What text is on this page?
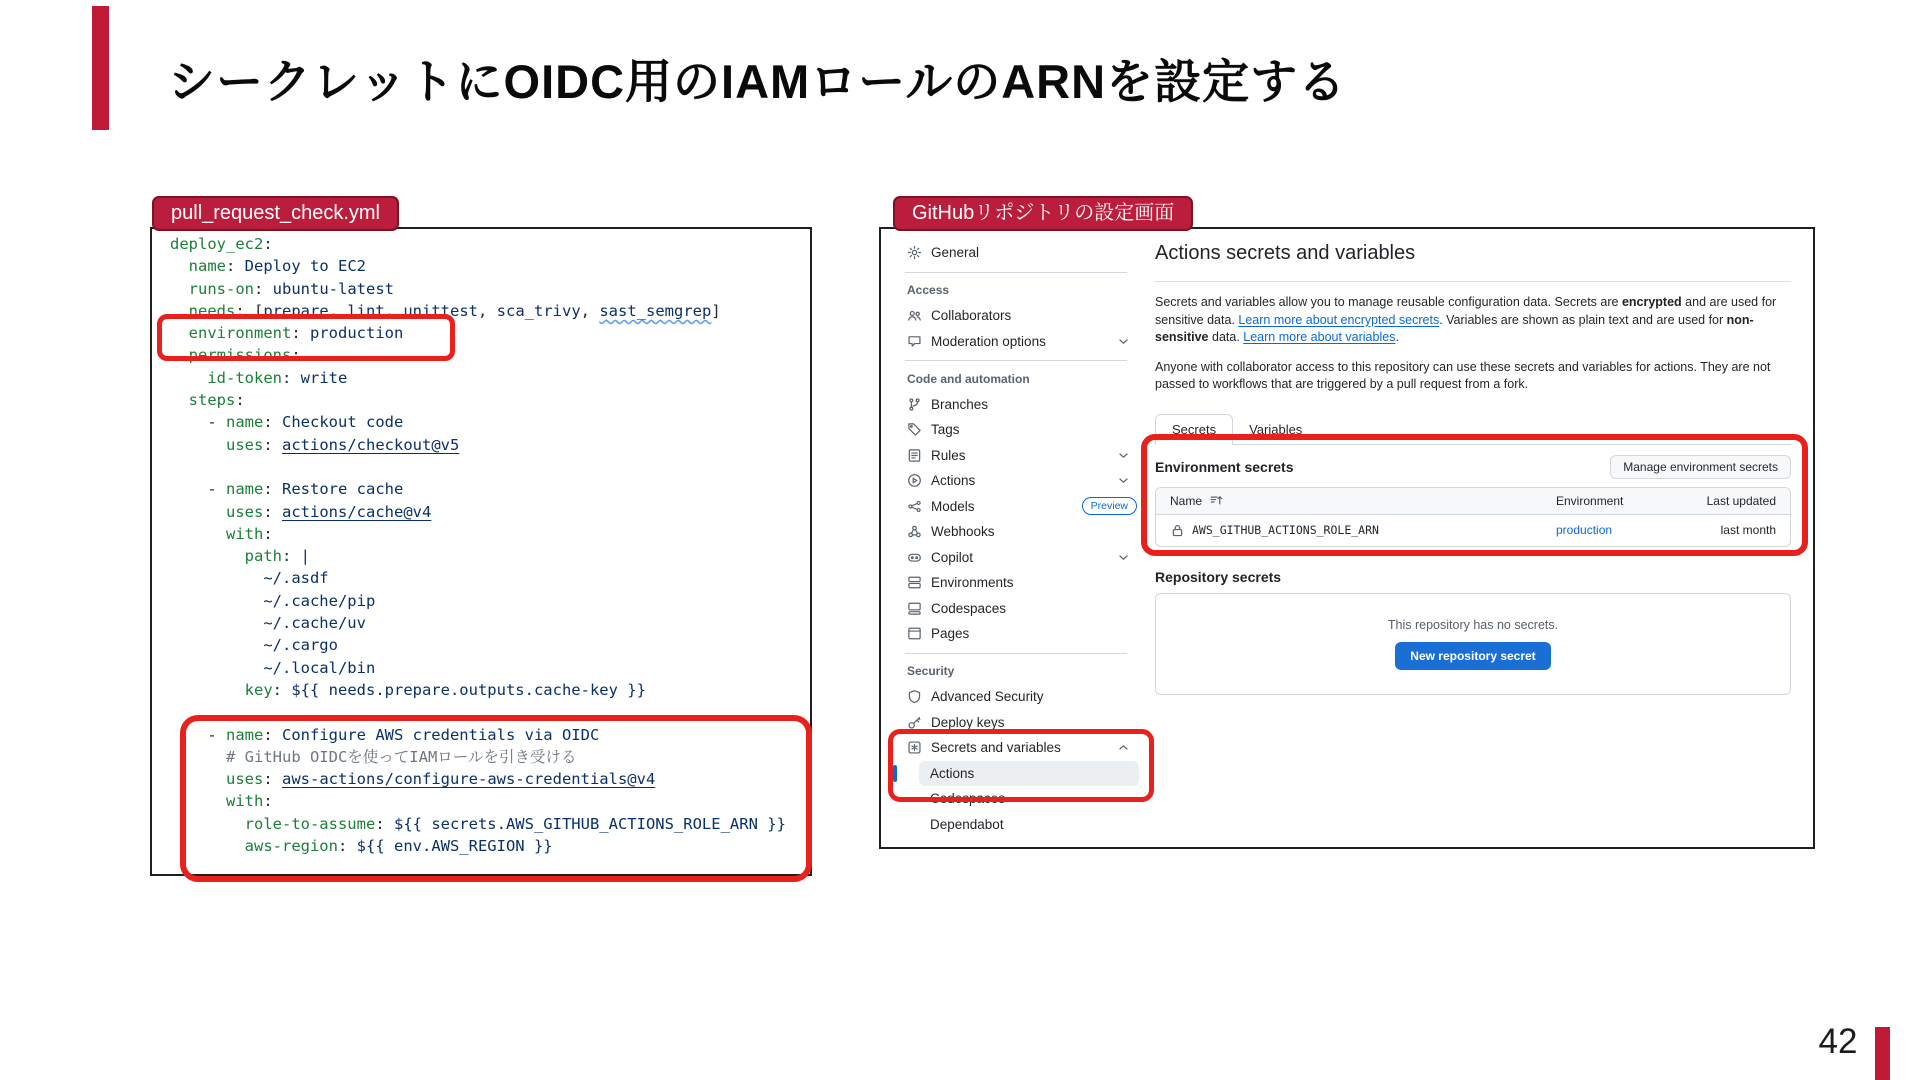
シークレットにOIDC用のIAMロールのARNを設定する
pull_request_check.yml
deploy_ec2:
name: Deploy to EC2
runs-on: ubuntu-latest
needs: [prepare, lint, unittest, sca_trivy, sast_semgrep]
environment: production
permissions:
id-token: write
steps:
- name: Checkout code
uses: actions/checkout@v5
- name: Restore cache
uses: actions/cache@v4
with:
path: |
~/.asdf
~/.cache/pip
~/.cache/uv
~/.cargo
~/.local/bin
key: ${{ needs.prepare.outputs.cache-key }}
- name: Configure AWS credentials via OIDC
# GitHub OIDCを使ってIAMロールを引き受ける
uses: aws-actions/configure-aws-credentials@v4
with:
role-to-assume: ${{ secrets.AWS_GITHUB_ACTIONS_ROLE_ARN }}
aws-region: ${{ env.AWS_REGION }}
GitHubリポジトリの設定画面
General
Access
Collaborators
Moderation options
Code and automation
Branches
Tags
Rules
Actions
Models	Preview
Webhooks
Copilot
Environments
Codespaces
Pages
Security
Advanced Security
Deploy keys
Secrets and variables
Actions
Codespaces
Dependabot
Actions secrets and variables

Secrets and variables allow you to manage reusable configuration data. Secrets are encrypted and are used for sensitive data. Learn more about encrypted secrets. Variables are shown as plain text and are used for non-sensitive data. Learn more about variables.

Anyone with collaborator access to this repository can use these secrets and variables for actions. They are not passed to workflows that are triggered by a pull request from a fork.

Secrets	Variables
Environment secrets	Manage environment secrets
Name	Environment	Last updated
AWS_GITHUB_ACTIONS_ROLE_ARN	production	last month
Repository secrets
This repository has no secrets.
New repository secret
42
